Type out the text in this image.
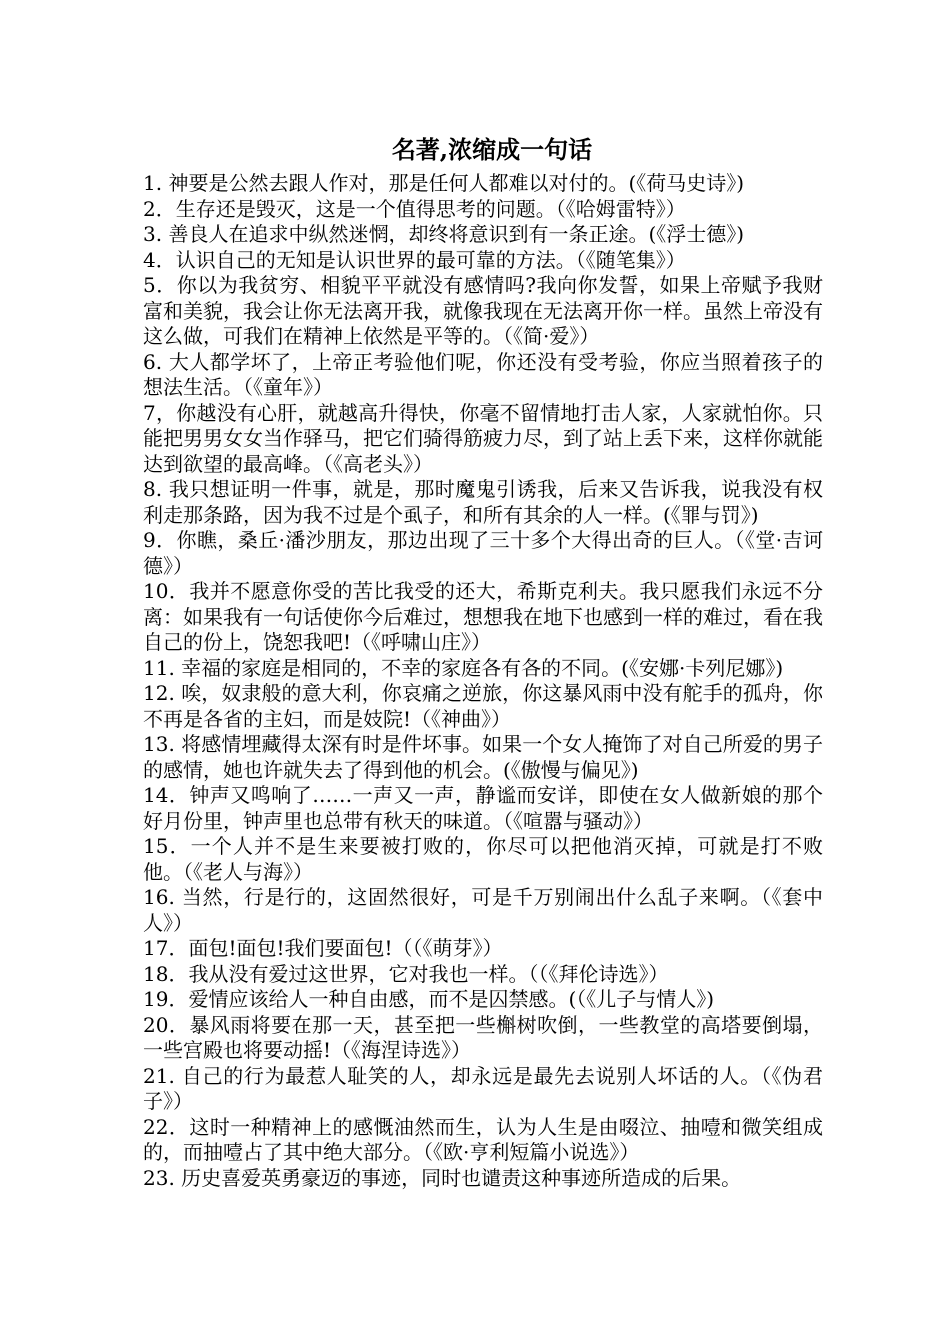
名著,浓缩成一句话

1. 神要是公然去跟人作对，那是任何人都难以对付的。(《荷马史诗》)

2．生存还是毁灭，这是一个值得思考的问题。（《哈姆雷特》）

3. 善良人在追求中纵然迷惘，却终将意识到有一条正途。(《浮士德》)

4．认识自己的无知是认识世界的最可靠的方法。（《随笔集》）

5．你以为我贫穷、相貌平平就没有感情吗?我向你发誓，如果上帝赋予我财富和美貌，我会让你无法离开我，就像我现在无法离开你一样。虽然上帝没有这么做，可我们在精神上依然是平等的。（《简·爱》）

6. 大人都学坏了，上帝正考验他们呢，你还没有受考验，你应当照着孩子的想法生活。（《童年》）

7，你越没有心肝，就越高升得快，你毫不留情地打击人家，人家就怕你。只能把男男女女当作驿马，把它们骑得筋疲力尽，到了站上丢下来，这样你就能达到欲望的最高峰。（《高老头》）

8. 我只想证明一件事，就是，那时魔鬼引诱我，后来又告诉我，说我没有权利走那条路，因为我不过是个虱子，和所有其余的人一样。(《罪与罚》)

9．你瞧，桑丘·潘沙朋友，那边出现了三十多个大得出奇的巨人。（《堂·吉诃德》）

10．我并不愿意你受的苦比我受的还大，希斯克利夫。我只愿我们永远不分离：如果我有一句话使你今后难过，想想我在地下也感到一样的难过，看在我自己的份上，饶恕我吧!（《呼啸山庄》）

11. 幸福的家庭是相同的，不幸的家庭各有各的不同。(《安娜·卡列尼娜》)

12. 唉，奴隶般的意大利，你哀痛之逆旅，你这暴风雨中没有舵手的孤舟，你不再是各省的主妇，而是妓院!（《神曲》）

13. 将感情埋藏得太深有时是件坏事。如果一个女人掩饰了对自己所爱的男子的感情，她也许就失去了得到他的机会。(《傲慢与偏见》)

14．钟声又鸣响了……一声又一声，静谧而安详，即使在女人做新娘的那个好月份里，钟声里也总带有秋天的味道。（《喧嚣与骚动》）

15．一个人并不是生来要被打败的，你尽可以把他消灭掉，可就是打不败他。（《老人与海》）

16. 当然，行是行的，这固然很好，可是千万别闹出什么乱子来啊。（《套中人》）

17．面包!面包!我们要面包!（（《萌芽》）

18．我从没有爱过这世界，它对我也一样。（（《拜伦诗选》）

19．爱情应该给人一种自由感，而不是囚禁感。(（《儿子与情人》)

20．暴风雨将要在那一天，甚至把一些槲树吹倒，一些教堂的高塔要倒塌，一些宫殿也将要动摇!（《海涅诗选》）

21. 自己的行为最惹人耻笑的人，却永远是最先去说别人坏话的人。（《伪君子》）

22．这时一种精神上的感慨油然而生，认为人生是由啜泣、抽噎和微笑组成的，而抽噎占了其中绝大部分。（《欧·亨利短篇小说选》）

23. 历史喜爱英勇豪迈的事迹，同时也谴责这种事迹所造成的后果。
